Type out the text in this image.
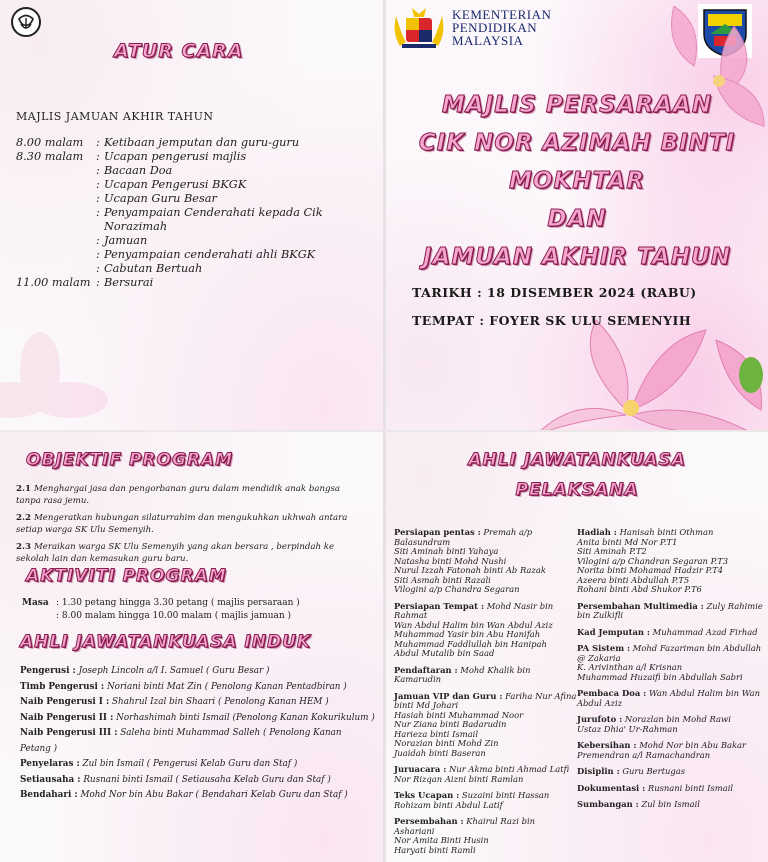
ATUR CARA
MAJLIS JAMUAN AKHIR TAHUN
8.00 malam	: Ketibaan jemputan dan guru-guru
8.30 malam	: Ucapan pengerusi majlis
: Bacaan Doa
: Ucapan Pengerusi BKGK
: Ucapan Guru Besar
: Penyampaian Cenderahati kepada Cik Norazimah
: Jamuan
: Penyampaian cenderahati ahli BKGK
: Cabutan Bertuah
11.00 malam : Bersurai
KEMENTERIAN
PENDIDIKAN
MALAYSIA
MAJLIS PERSARAAN
CIK NOR AZIMAH BINTI
MOKHTAR
DAN
JAMUAN AKHIR TAHUN
TARIKH : 18 DISEMBER 2024 (RABU)
TEMPAT : FOYER SK ULU SEMENYIH
OBJEKTIF PROGRAM
2.1 Menghargai jasa dan pengorbanan guru dalam mendidik anak bangsa tanpa rasa jemu.
2.2 Mengeratkan hubungan silaturrahim dan mengukuhkan ukhwah antara setiap warga SK Ulu Semenyih.
2.3 Meraikan warga SK Ulu Semenyih yang akan bersara , berpindah ke sekolah lain dan kemasukan guru baru.
AKTIVITI PROGRAM
Masa : 1.30 petang hingga 3.30 petang ( majlis persaraan )
: 8.00 malam hingga 10.00 malam ( majlis jamuan )
AHLI JAWATANKUASA INDUK
Pengerusi : Joseph Lincoln a/l I. Samuel ( Guru Besar )
Timb Pengerusi : Noriani binti Mat Zin ( Penolong Kanan Pentadbiran )
Naib Pengerusi I : Shahrul Izal bin Shaari ( Penolong Kanan HEM )
Naib Pengerusi II : Norhashimah binti Ismail (Penolong Kanan Kokurikulum )
Naib Pengerusi III : Saleha binti Muhammad Salleh ( Penolong Kanan Petang )
Penyelaras : Zul bin Ismail ( Pengerusi Kelab Guru dan Staf )
Setiausaha : Rusnani binti Ismail ( Setiausaha Kelab Guru dan Staf )
Bendahari : Mohd Nor bin Abu Bakar ( Bendahari Kelab Guru dan Staf )
AHLI JAWATANKUASA
PELAKSANA
Persiapan pentas : Premah a/p Balasundram
Siti Aminah binti Yahaya
Natasha binti Mohd Nushi
Nurul Izzah Fatonah binti Ab Razak
Siti Asmah binti Razali
Vilogini a/p Chandra Segaran
Persiapan Tempat : Mohd Nasir bin Rahmat
Wan Abdul Halim bin Wan Abdul Aziz
Muhammad Yasir bin Abu Hanifah
Muhammad Faddlullah bin Hanipah
Abdul Mutalib bin Saad
Pendaftaran : Mohd Khalik bin Kamarudin
Jamuan VIP dan Guru : Fariha Nur Afina binti Md Johari
Hasiah binti Muhammad Noor
Nur Ziana binti Badarudin
Harieza binti Ismail
Norazian binti Mohd Zin
Juaidah binti Baseran
Juruacara : Nur Akma binti Ahmad Latfi
Nor Rizqan Aizni binti Ramlan
Teks Ucapan : Suzaini binti Hassan
Rohizam binti Abdul Latif
Persembahan : Khairul Razi bin Ashariani
Nor Amita Binti Husin
Haryati binti Ramli
Hadiah : Hanisah binti Othman
Anita binti Md Nor P.T1
Siti Aminah P.T2
Vilogini a/p Chandran Segaran P.T3
Norita binti Mohamad Hadzir P.T4
Azeera binti Abdullah P.T5
Rohani binti Abd Shukor P.T6
Persembahan Multimedia : Zuly Rahimie bin Zulkifli
Kad Jemputan : Muhammad Azad Firhad
PA Sistem : Mohd Fazariman bin Abdullah @ Zakaria
K. Arivinthan a/l Krisnan
Muhammad Huzaifi bin Abdullah Sabri
Pembaca Doa : Wan Abdul Halim bin Wan Abdul Aziz
Jurufoto : Norazlan bin Mohd Rawi
Ustaz Dhia' Ur-Rahman
Kebersihan : Mohd Nor bin Abu Bakar
Premendran a/l Ramachandran
Disiplin : Guru Bertugas
Dokumentasi : Rusnani binti Ismail
Sumbangan : Zul bin Ismail
